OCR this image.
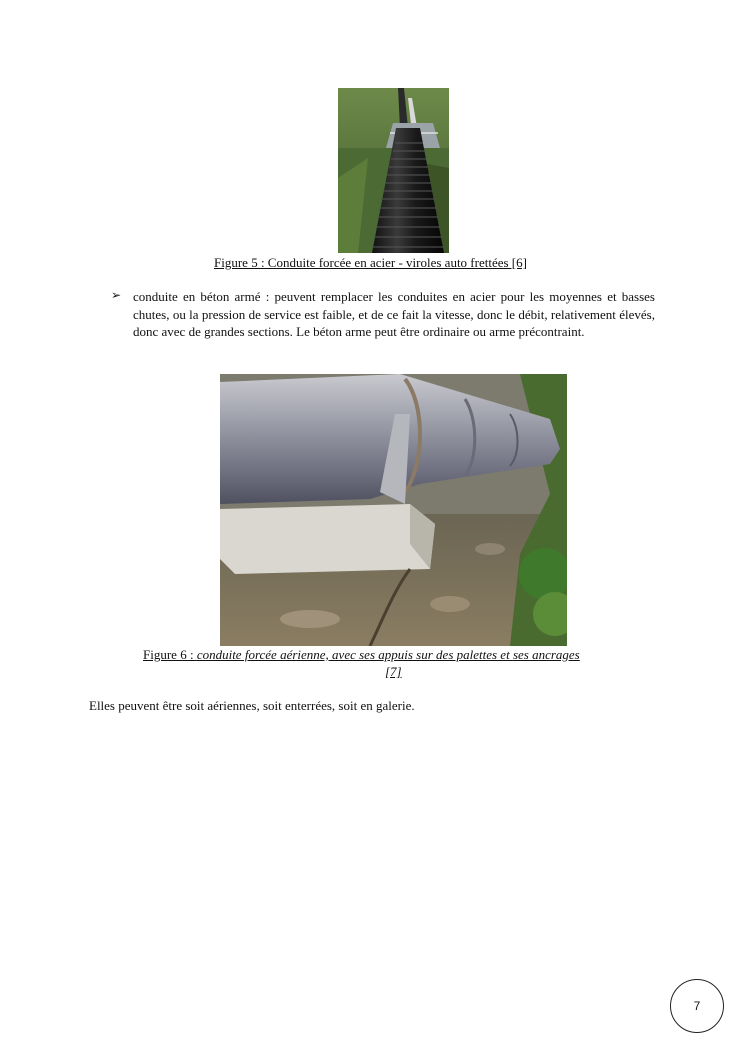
Figure 5 : Conduite forcée en acier - viroles auto frettées [6]
➢ conduite en béton armé : peuvent remplacer les conduites en acier pour les moyennes et basses chutes, ou la pression de service est faible, et de ce fait la vitesse, donc le débit, relativement élevés, donc avec de grandes sections. Le béton arme peut être ordinaire ou arme précontraint.
Figure 6 : conduite forcée aérienne, avec ses appuis sur des palettes et ses ancrages
[7]
Elles peuvent être soit aériennes, soit enterrées, soit en galerie.
7
